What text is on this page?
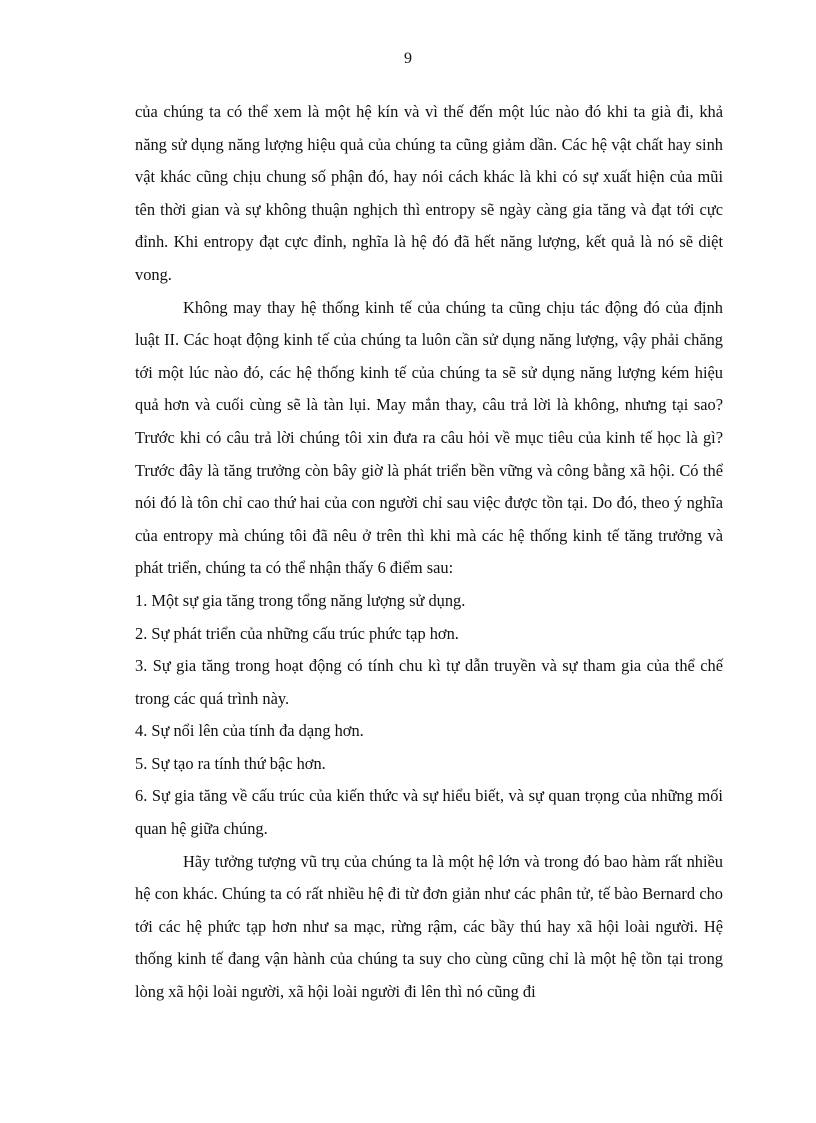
9

của chúng ta có thể xem là một hệ kín và vì thế đến một lúc nào đó khi ta già đi, khả năng sử dụng năng lượng hiệu quả của chúng ta cũng giảm dần. Các hệ vật chất hay sinh vật khác cũng chịu chung số phận đó, hay nói cách khác là khi có sự xuất hiện của mũi tên thời gian và sự không thuận nghịch thì entropy sẽ ngày càng gia tăng và đạt tới cực đỉnh. Khi entropy đạt cực đỉnh, nghĩa là hệ đó đã hết năng lượng, kết quả là nó sẽ diệt vong.

Không may thay hệ thống kinh tế của chúng ta cũng chịu tác động đó của định luật II. Các hoạt động kinh tế của chúng ta luôn cần sử dụng năng lượng, vậy phải chăng tới một lúc nào đó, các hệ thống kinh tế của chúng ta sẽ sử dụng năng lượng kém hiệu quả hơn và cuối cùng sẽ là tàn lụi. May mắn thay, câu trả lời là không, nhưng tại sao? Trước khi có câu trả lời chúng tôi xin đưa ra câu hỏi về mục tiêu của kinh tế học là gì? Trước đây là tăng trưởng còn bây giờ là phát triển bền vững và công bằng xã hội. Có thể nói đó là tôn chỉ cao thứ hai của con người chỉ sau việc được tồn tại. Do đó, theo ý nghĩa của entropy mà chúng tôi đã nêu ở trên thì khi mà các hệ thống kinh tế tăng trưởng và phát triển, chúng ta có thể nhận thấy 6 điểm sau:

1. Một sự gia tăng trong tổng năng lượng sử dụng.

2. Sự phát triển của những cấu trúc phức tạp hơn.

3. Sự gia tăng trong hoạt động có tính chu kì tự dẫn truyền và sự tham gia của thể chế trong các quá trình này.

4. Sự nổi lên của tính đa dạng hơn.

5. Sự tạo ra tính thứ bậc hơn.

6. Sự gia tăng về cấu trúc của kiến thức và sự hiểu biết, và sự quan trọng của những mối quan hệ giữa chúng.

Hãy tưởng tượng vũ trụ của chúng ta là một hệ lớn và trong đó bao hàm rất nhiều hệ con khác. Chúng ta có rất nhiều hệ đi từ đơn giản như các phân tử, tế bào Bernard cho tới các hệ phức tạp hơn như sa mạc, rừng rậm, các bầy thú hay xã hội loài người. Hệ thống kinh tế đang vận hành của chúng ta suy cho cùng cũng chỉ là một hệ tồn tại trong lòng xã hội loài người, xã hội loài người đi lên thì nó cũng đi
